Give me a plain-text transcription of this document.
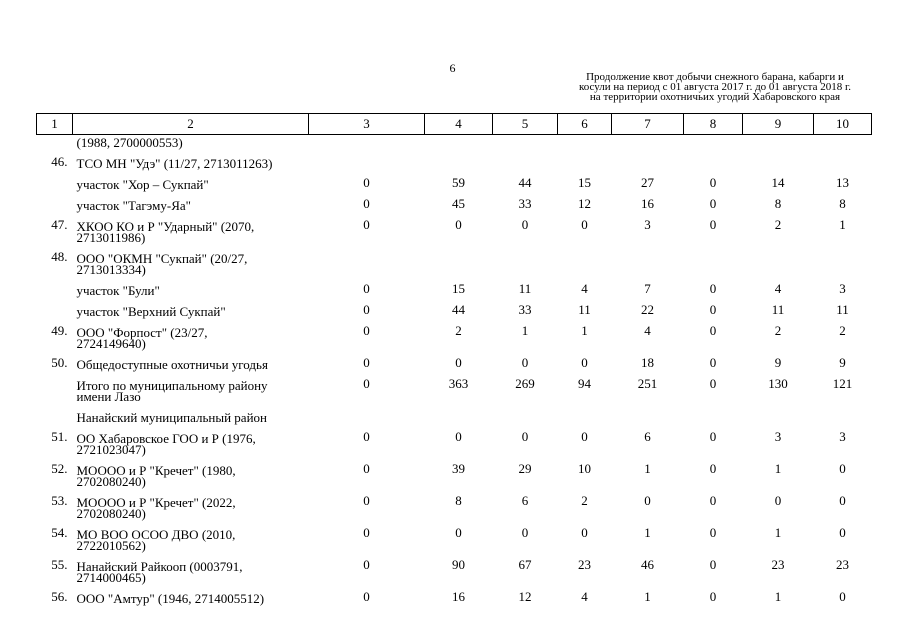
6
Продолжение квот добычи снежного барана, кабарги и
косули на период с 01 августа 2017 г. до 01 августа 2018 г.
на территории охотничьих угодий Хабаровского края
1	2	3	4	5	6	7	8	9	10

	(1988, 2700000553)								

46.	ТСО МН "Удэ" (11/27, 2713011263)								

	участок "Хор – Сукпай"	0	59	44	15	27	0	14	13

	участок "Тагэму-Яа"	0	45	33	12	16	0	8	8
47.	ХКОО КО и Р "Ударный" (2070,
2713011986)	0	0	0	0	3	0	2	1
48.	ООО "ОКМН "Сукпай" (20/27,
2713013334)								

	участок "Були"	0	15	11	4	7	0	4	3

	участок "Верхний Сукпай"	0	44	33	11	22	0	11	11
49.	ООО "Форпост" (23/27,
2724149640)	0	2	1	1	4	0	2	2
50.	Общедоступные охотничьи угодья	0	0	0	0	18	0	9	9

	Итого по муниципальному району
имени Лазо	0	363	269	94	251	0	130	121

	Нанайский муниципальный район								

51.	ОО Хабаровское ГОО и Р (1976,
2721023047)	0	0	0	0	6	0	3	3
52.	МОООО и Р "Кречет" (1980,
2702080240)	0	39	29	10	1	0	1	0
53.	МОООО и Р "Кречет" (2022,
2702080240)	0	8	6	2	0	0	0	0
54.	МО ВОО ОСОО ДВО (2010,
2722010562)	0	0	0	0	1	0	1	0
55.	Нанайский Райкооп (0003791,
2714000465)	0	90	67	23	46	0	23	23
56.	ООО "Амтур" (1946, 2714005512)	0	16	12	4	1	0	1	0
